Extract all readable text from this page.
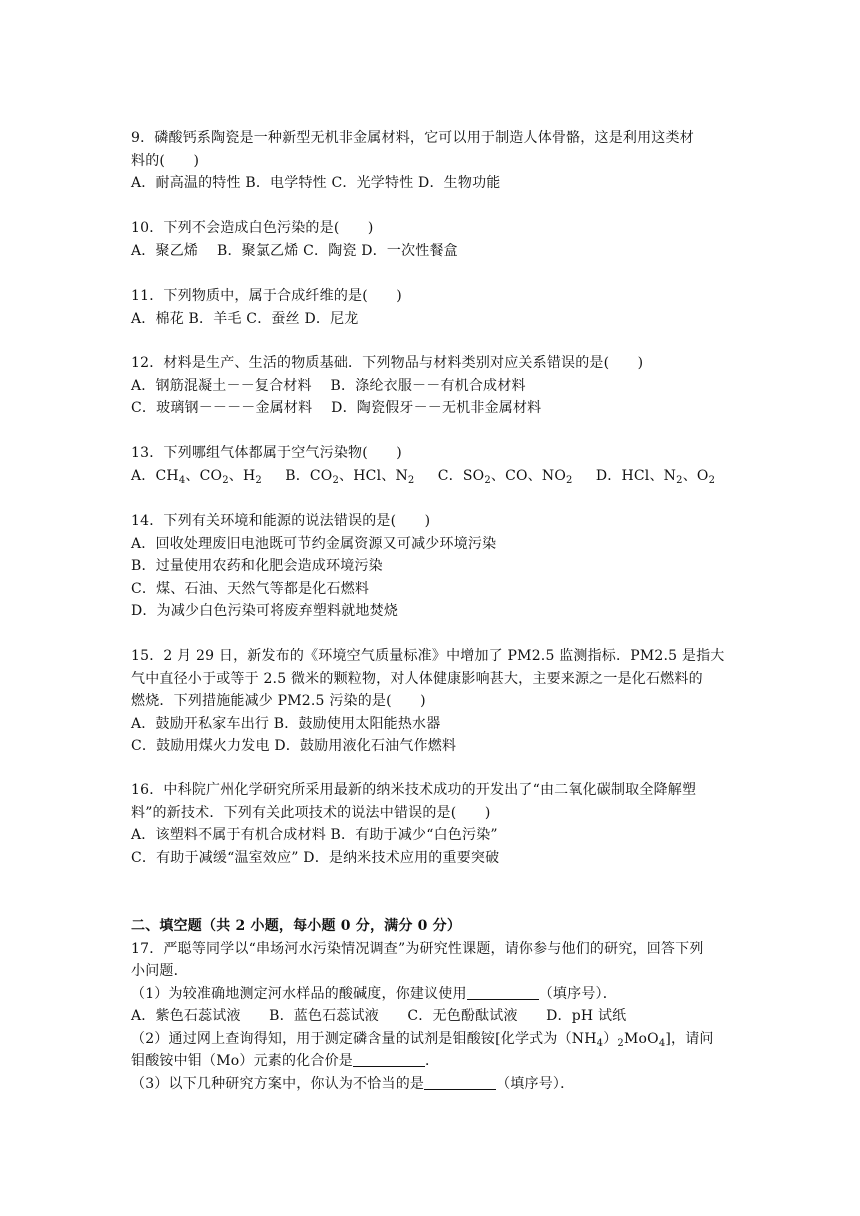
9．磷酸钙系陶瓷是一种新型无机非金属材料，它可以用于制造人体骨骼，这是利用这类材
料的(　　)
A．耐高温的特性 B．电学特性 C．光学特性 D．生物功能
10．下列不会造成白色污染的是(　　)
A．聚乙烯　 B．聚氯乙烯 C．陶瓷 D．一次性餐盒
11．下列物质中，属于合成纤维的是(　　)
A．棉花 B．羊毛 C．蚕丝 D．尼龙
12．材料是生产、生活的物质基础．下列物品与材料类别对应关系错误的是(　　)
A．钢筋混凝土－－复合材料　 B．涤纶衣服－－有机合成材料
C．玻璃钢－－－－金属材料　 D．陶瓷假牙－－无机非金属材料
13．下列哪组气体都属于空气污染物(　　)
A．$CH_4$、$CO_2$、$H_2$ B．$CO_2$、HCl、$N_2$ C．$SO_2$、CO、$NO_2$ D．HCl、$N_2$、$O_2$
14．下列有关环境和能源的说法错误的是(　　)
A．回收处理废旧电池既可节约金属资源又可减少环境污染
B．过量使用农药和化肥会造成环境污染
C．煤、石油、天然气等都是化石燃料
D．为减少白色污染可将废弃塑料就地焚烧
15．2 月 29 日，新发布的《环境空气质量标准》中增加了 PM2.5 监测指标．PM2.5 是指大
气中直径小于或等于 2.5 微米的颗粒物，对人体健康影响甚大，主要来源之一是化石燃料的
燃烧．下列措施能减少 PM2.5 污染的是(　　)
A．鼓励开私家车出行 B．鼓励使用太阳能热水器
C．鼓励用煤火力发电 D．鼓励用液化石油气作燃料
16．中科院广州化学研究所采用最新的纳米技术成功的开发出了“由二氧化碳制取全降解塑
料”的新技术．下列有关此项技术的说法中错误的是(　　)
A．该塑料不属于有机合成材料 B．有助于减少“白色污染”
C．有助于减缓“温室效应” D．是纳米技术应用的重要突破
二、填空题（共 2 小题，每小题 0 分，满分 0 分）
17．严聪等同学以“串场河水污染情况调查”为研究性课题，请你参与他们的研究，回答下列
小问题．
（1）为较准确地测定河水样品的酸碱度，你建议使用	（填序号）．
A．紫色石蕊试液　　B．蓝色石蕊试液　　C．无色酚酞试液　　D．pH 试纸
（2）通过网上查询得知，用于测定磷含量的试剂是钼酸铵[化学式为$(NH_4)_2MoO_4$]，请问
钼酸铵中钼（Mo）元素的化合价是	．
（3）以下几种研究方案中，你认为不恰当的是	（填序号）．
